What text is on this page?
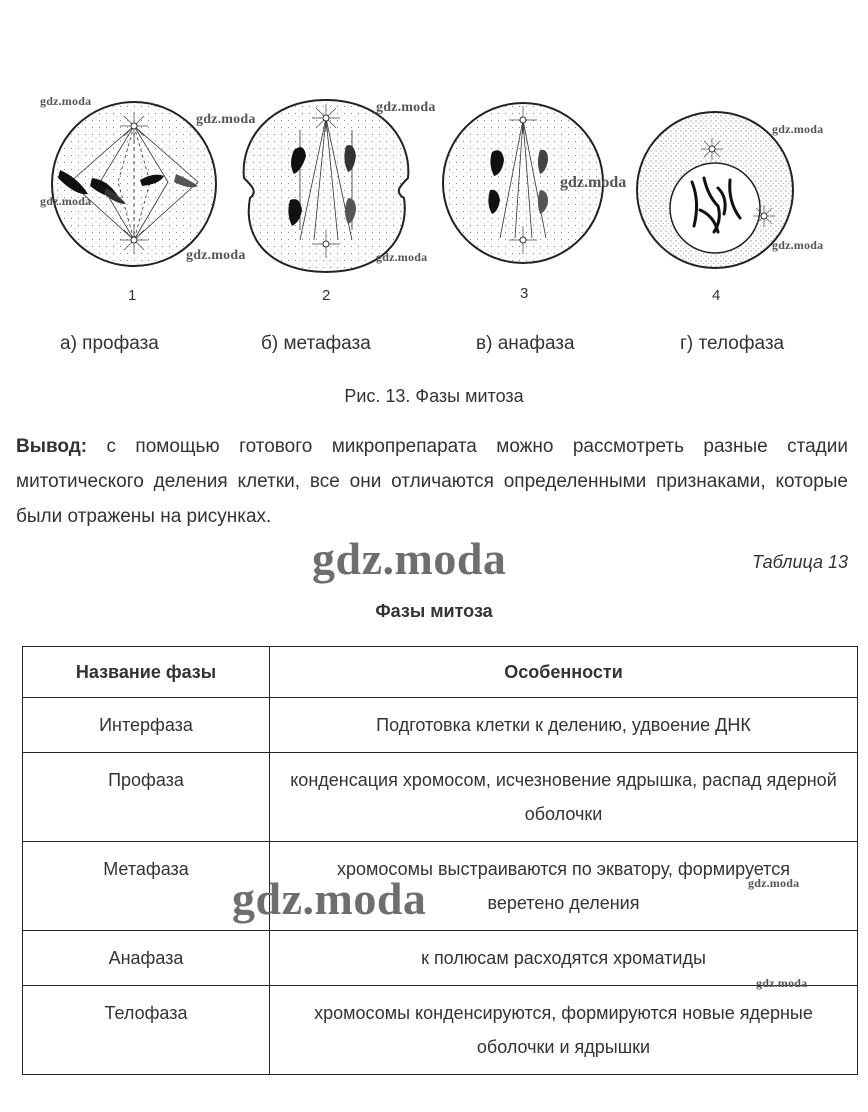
1	2	3	4
gdz.moda
gdz.moda
gdz.moda
gdz.moda
gdz.moda	gdz.moda
gdz.moda
gdz.moda
gdz.moda
а) профаза	б) метафаза	в) анафаза	г) телофаза
Рис. 13. Фазы митоза
Вывод: с помощью готового микропрепарата можно рассмотреть разные стадии митотического деления клетки, все они отличаются определенными признаками, которые были отражены на рисунках.
gdz.moda	Таблица 13
Фазы митоза
Название фазы	Особенности
Интерфаза	Подготовка клетки к делению, удвоение ДНК
Профаза	конденсация хромосом, исчезновение ядрышка, распад ядерной оболочки
Метафаза	хромосомы выстраиваются по экватору, формируется веретено деления
Анафаза	к полюсам расходятся хроматиды
Телофаза	хромосомы конденсируются, формируются новые ядерные оболочки и ядрышки
gdz.moda	gdz.moda
gdz.moda
